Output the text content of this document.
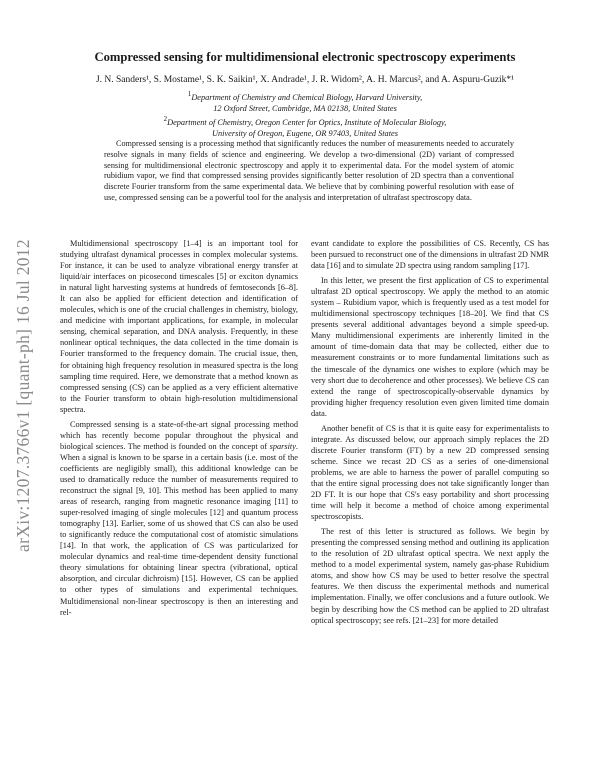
arXiv:1207.3766v1 [quant-ph] 16 Jul 2012
Compressed sensing for multidimensional electronic spectroscopy experiments
J. N. Sanders¹, S. Mostame¹, S. K. Saikin¹, X. Andrade¹, J. R. Widom², A. H. Marcus², and A. Aspuru-Guzik*¹
$^1$Department of Chemistry and Chemical Biology, Harvard University,
12 Oxford Street, Cambridge, MA 02138, United States
$^2$Department of Chemistry, Oregon Center for Optics, Institute of Molecular Biology,
University of Oregon, Eugene, OR 97403, United States

Compressed sensing is a processing method that significantly reduces the number of measurements needed to accurately resolve signals in many fields of science and engineering. We develop a two-dimensional (2D) variant of compressed sensing for multidimensional electronic spectroscopy and apply it to experimental data. For the model system of atomic rubidium vapor, we find that compressed sensing provides significantly better resolution of 2D spectra than a conventional discrete Fourier transform from the same experimental data. We believe that by combining powerful resolution with ease of use, compressed sensing can be a powerful tool for the analysis and interpretation of ultrafast spectroscopy data.

Multidimensional spectroscopy [1–4] is an important tool for studying ultrafast dynamical processes in complex molecular systems. For instance, it can be used to analyze vibrational energy transfer at liquid/air interfaces on picosecond timescales [5] or exciton dynamics in natural light harvesting systems at hundreds of femtoseconds [6–8]. It can also be applied for efficient detection and identification of molecules, which is one of the crucial challenges in chemistry, biology, and medicine with important applications, for example, in molecular sensing, chemical separation, and DNA analysis. Frequently, in these nonlinear optical techniques, the data collected in the time domain is Fourier transformed to the frequency domain. The crucial issue, then, for obtaining high frequency resolution in measured spectra is the long sampling time required. Here, we demonstrate that a method known as compressed sensing (CS) can be applied as a very efficient alternative to the Fourier transform to obtain high-resolution multidimensional spectra.

Compressed sensing is a state-of-the-art signal processing method which has recently become popular throughout the physical and biological sciences. The method is founded on the concept of sparsity. When a signal is known to be sparse in a certain basis (i.e. most of the coefficients are negligibly small), this additional knowledge can be used to dramatically reduce the number of measurements required to reconstruct the signal [9, 10]. This method has been applied to many areas of research, ranging from magnetic resonance imaging [11] to super-resolved imaging of single molecules [12] and quantum process tomography [13]. Earlier, some of us showed that CS can also be used to significantly reduce the computational cost of atomistic simulations [14]. In that work, the application of CS was particularized for molecular dynamics and real-time time-dependent density functional theory simulations for obtaining linear spectra (vibrational, optical absorption, and circular dichroism) [15]. However, CS can be applied to other types of simulations and experimental techniques. Multidimensional non-linear spectroscopy is then an interesting and rel-

evant candidate to explore the possibilities of CS. Recently, CS has been pursued to reconstruct one of the dimensions in ultrafast 2D NMR data [16] and to simulate 2D spectra using random sampling [17].

In this letter, we present the first application of CS to experimental ultrafast 2D optical spectroscopy. We apply the method to an atomic system – Rubidium vapor, which is frequently used as a test model for multidimensional spectroscopy techniques [18–20]. We find that CS presents several additional advantages beyond a simple speed-up. Many multidimensional experiments are inherently limited in the amount of time-domain data that may be collected, either due to measurement constraints or to more fundamental limitations such as the timescale of the dynamics one wishes to explore (which may be very short due to decoherence and other processes). We believe CS can extend the range of spectroscopically-observable dynamics by providing higher frequency resolution even given limited time domain data.

Another benefit of CS is that it is quite easy for experimentalists to integrate. As discussed below, our approach simply replaces the 2D discrete Fourier transform (FT) by a new 2D compressed sensing scheme. Since we recast 2D CS as a series of one-dimensional problems, we are able to harness the power of parallel computing so that the entire signal processing does not take significantly longer than 2D FT. It is our hope that CS's easy portability and short processing time will help it become a method of choice among experimental spectroscopists.

The rest of this letter is structured as follows. We begin by presenting the compressed sensing method and outlining its application to the resolution of 2D ultrafast optical spectra. We next apply the method to a model experimental system, namely gas-phase Rubidium atoms, and show how CS may be used to better resolve the spectral features. We then discuss the experimental methods and numerical implementation. Finally, we offer conclusions and a future outlook. We begin by describing how the CS method can be applied to 2D ultrafast optical spectroscopy; see refs. [21–23] for more detailed
